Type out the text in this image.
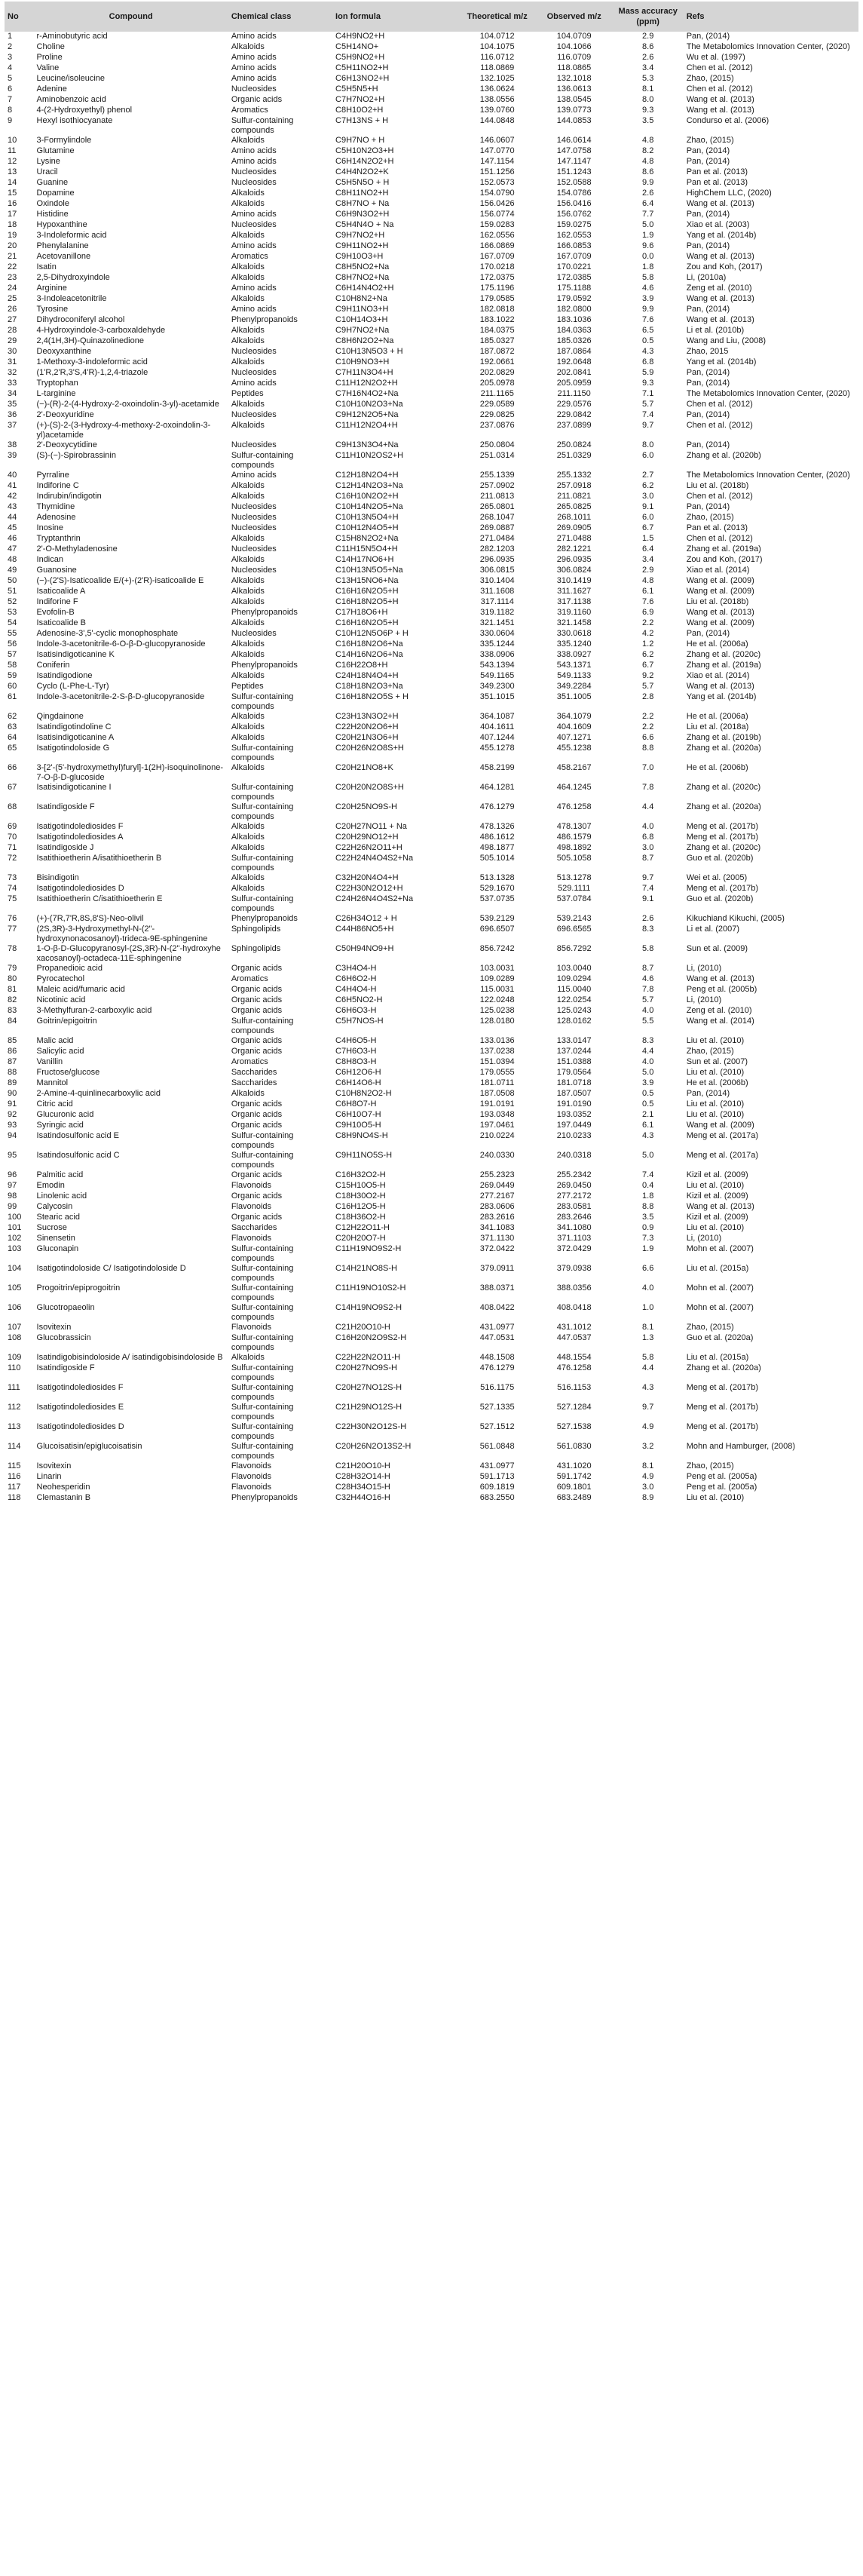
No	Compound	Chemical class	Ion formula	Theoretical m/z	Observed m/z	Mass accuracy (ppm)	Refs
1	r-Aminobutyric acid	Amino acids	C4H9NO2+H	104.0712	104.0709	2.9	Pan, (2014)
2	Choline	Alkaloids	C5H14NO+	104.1075	104.1066	8.6	The Metabolomics Innovation Center, (2020)
3	Proline	Amino acids	C5H9NO2+H	116.0712	116.0709	2.6	Wu et al. (1997)
4	Valine	Amino acids	C5H11NO2+H	118.0869	118.0865	3.4	Chen et al. (2012)
5	Leucine/isoleucine	Amino acids	C6H13NO2+H	132.1025	132.1018	5.3	Zhao, (2015)
6	Adenine	Nucleosides	C5H5N5+H	136.0624	136.0613	8.1	Chen et al. (2012)
7	Aminobenzoic acid	Organic acids	C7H7NO2+H	138.0556	138.0545	8.0	Wang et al. (2013)
8	4-(2-Hydroxyethyl) phenol	Aromatics	C8H10O2+H	139.0760	139.0773	9.3	Wang et al. (2013)
9	Hexyl isothiocyanate	Sulfur-containing compounds	C7H13NS + H	144.0848	144.0853	3.5	Condurso et al. (2006)
10	3-Formylindole	Alkaloids	C9H7NO + H	146.0607	146.0614	4.8	Zhao, (2015)
11	Glutamine	Amino acids	C5H10N2O3+H	147.0770	147.0758	8.2	Pan, (2014)
12	Lysine	Amino acids	C6H14N2O2+H	147.1154	147.1147	4.8	Pan, (2014)
13	Uracil	Nucleosides	C4H4N2O2+K	151.1256	151.1243	8.6	Pan et al. (2013)
14	Guanine	Nucleosides	C5H5N5O + H	152.0573	152.0588	9.9	Pan et al. (2013)
15	Dopamine	Alkaloids	C8H11NO2+H	154.0790	154.0786	2.6	HighChem LLC, (2020)
16	Oxindole	Alkaloids	C8H7NO + Na	156.0426	156.0416	6.4	Wang et al. (2013)
17	Histidine	Amino acids	C6H9N3O2+H	156.0774	156.0762	7.7	Pan, (2014)
18	Hypoxanthine	Nucleosides	C5H4N4O + Na	159.0283	159.0275	5.0	Xiao et al. (2003)
19	3-Indoleformic acid	Alkaloids	C9H7NO2+H	162.0556	162.0553	1.9	Yang et al. (2014b)
20	Phenylalanine	Amino acids	C9H11NO2+H	166.0869	166.0853	9.6	Pan, (2014)
21	Acetovanillone	Aromatics	C9H10O3+H	167.0709	167.0709	0.0	Wang et al. (2013)
22	Isatin	Alkaloids	C8H5NO2+Na	170.0218	170.0221	1.8	Zou and Koh, (2017)
23	2,5-Dihydroxyindole	Alkaloids	C8H7NO2+Na	172.0375	172.0385	5.8	Li, (2010a)
24	Arginine	Amino acids	C6H14N4O2+H	175.1196	175.1188	4.6	Zeng et al. (2010)
25	3-Indoleacetonitrile	Alkaloids	C10H8N2+Na	179.0585	179.0592	3.9	Wang et al. (2013)
26	Tyrosine	Amino acids	C9H11NO3+H	182.0818	182.0800	9.9	Pan, (2014)
27	Dihydroconiferyl alcohol	Phenylpropanoids	C10H14O3+H	183.1022	183.1036	7.6	Wang et al. (2013)
28	4-Hydroxyindole-3-carboxaldehyde	Alkaloids	C9H7NO2+Na	184.0375	184.0363	6.5	Li et al. (2010b)
29	2,4(1H,3H)-Quinazolinedione	Alkaloids	C8H6N2O2+Na	185.0327	185.0326	0.5	Wang and Liu, (2008)
30	Deoxyxanthine	Nucleosides	C10H13N5O3 + H	187.0872	187.0864	4.3	Zhao, 2015
31	1-Methoxy-3-indoleformic acid	Alkaloids	C10H9NO3+H	192.0661	192.0648	6.8	Yang et al. (2014b)
32	(1'R,2'R,3'S,4'R)-1,2,4-triazole	Nucleosides	C7H11N3O4+H	202.0829	202.0841	5.9	Pan, (2014)
33	Tryptophan	Amino acids	C11H12N2O2+H	205.0978	205.0959	9.3	Pan, (2014)
34	L-targinine	Peptides	C7H16N4O2+Na	211.1165	211.1150	7.1	The Metabolomics Innovation Center, (2020)
35	(−)-(R)-2-(4-Hydroxy-2-oxoindolin-3-yl)-acetamide	Alkaloids	C10H10N2O3+Na	229.0589	229.0576	5.7	Chen et al. (2012)
36	2'-Deoxyuridine	Nucleosides	C9H12N2O5+Na	229.0825	229.0842	7.4	Pan, (2014)
37	(+)-(S)-2-(3-Hydroxy-4-methoxy-2-oxoindolin-3-yl)acetamide	Alkaloids	C11H12N2O4+H	237.0876	237.0899	9.7	Chen et al. (2012)
38	2'-Deoxycytidine	Nucleosides	C9H13N3O4+Na	250.0804	250.0824	8.0	Pan, (2014)
39	(S)-(−)-Spirobrassinin	Sulfur-containing compounds	C11H10N2OS2+H	251.0314	251.0329	6.0	Zhang et al. (2020b)
40	Pyrraline	Amino acids	C12H18N2O4+H	255.1339	255.1332	2.7	The Metabolomics Innovation Center, (2020)
41	Indiforine C	Alkaloids	C12H14N2O3+Na	257.0902	257.0918	6.2	Liu et al. (2018b)
42	Indirubin/indigotin	Alkaloids	C16H10N2O2+H	211.0813	211.0821	3.0	Chen et al. (2012)
43	Thymidine	Nucleosides	C10H14N2O5+Na	265.0801	265.0825	9.1	Pan, (2014)
44	Adenosine	Nucleosides	C10H13N5O4+H	268.1047	268.1011	6.0	Zhao, (2015)
45	Inosine	Nucleosides	C10H12N4O5+H	269.0887	269.0905	6.7	Pan et al. (2013)
46	Tryptanthrin	Alkaloids	C15H8N2O2+Na	271.0484	271.0488	1.5	Chen et al. (2012)
47	2'-O-Methyladenosine	Nucleosides	C11H15N5O4+H	282.1203	282.1221	6.4	Zhang et al. (2019a)
48	Indican	Alkaloids	C14H17NO6+H	296.0935	296.0935	3.4	Zou and Koh, (2017)
49	Guanosine	Nucleosides	C10H13N5O5+Na	306.0815	306.0824	2.9	Xiao et al. (2014)
50	(−)-(2'S)-Isaticoalide E/(+)-(2'R)-isaticoalide E	Alkaloids	C13H15NO6+Na	310.1404	310.1419	4.8	Wang et al. (2009)
51	Isaticoalide A	Alkaloids	C16H16N2O5+H	311.1608	311.1627	6.1	Wang et al. (2009)
52	Indiforine F	Alkaloids	C16H18N2O5+H	317.1114	317.1138	7.6	Liu et al. (2018b)
53	Evofolin-B	Phenylpropanoids	C17H18O6+H	319.1182	319.1160	6.9	Wang et al. (2013)
54	Isaticoalide B	Alkaloids	C16H16N2O5+H	321.1451	321.1458	2.2	Wang et al. (2009)
55	Adenosine-3',5'-cyclic monophosphate	Nucleosides	C10H12N5O6P + H	330.0604	330.0618	4.2	Pan, (2014)
56	Indole-3-acetonitrile-6-O-β-D-glucopyranoside	Alkaloids	C16H18N2O6+Na	335.1244	335.1240	1.2	He et al. (2006a)
57	Isatisindigoticanine K	Alkaloids	C14H16N2O6+Na	338.0906	338.0927	6.2	Zhang et al. (2020c)
58	Coniferin	Phenylpropanoids	C16H22O8+H	543.1394	543.1371	6.7	Zhang et al. (2019a)
59	Isatindigodione	Alkaloids	C24H18N4O4+H	549.1165	549.1133	9.2	Xiao et al. (2014)
60	Cyclo (L-Phe-L-Tyr)	Peptides	C18H18N2O3+Na	349.2300	349.2284	5.7	Wang et al. (2013)
61	Indole-3-acetonitrile-2-S-β-D-glucopyranoside	Sulfur-containing compounds	C16H18N2O5S + H	351.1015	351.1005	2.8	Yang et al. (2014b)
62	Qingdainone	Alkaloids	C23H13N3O2+H	364.1087	364.1079	2.2	He et al. (2006a)
63	Isatindigotindoline C	Alkaloids	C22H20N2O6+H	404.1611	404.1609	2.2	Liu et al. (2018a)
64	Isatisindigoticanine A	Alkaloids	C20H21N3O6+H	407.1244	407.1271	6.6	Zhang et al. (2019b)
65	Isatigotindoloside G	Sulfur-containing compounds	C20H26N2O8S+H	455.1278	455.1238	8.8	Zhang et al. (2020a)
66	3-[2'-(5'-hydroxymethyl)furyl]-1(2H)-isoquinolinone-7-O-β-D-glucoside	Alkaloids	C20H21NO8+K	458.2199	458.2167	7.0	He et al. (2006b)
67	Isatisindigoticanine I	Sulfur-containing compounds	C20H20N2O8S+H	464.1281	464.1245	7.8	Zhang et al. (2020c)
68	Isatindigoside F	Sulfur-containing compounds	C20H25NO9S-H	476.1279	476.1258	4.4	Zhang et al. (2020a)
69	Isatigotindolediosides F	Alkaloids	C20H27NO11 + Na	478.1326	478.1307	4.0	Meng et al. (2017b)
70	Isatigotindolediosides A	Alkaloids	C20H29NO12+H	486.1612	486.1579	6.8	Meng et al. (2017b)
71	Isatindigoside J	Alkaloids	C22H26N2O11+H	498.1877	498.1892	3.0	Zhang et al. (2020c)
72	Isatithioetherin A/isatithioetherin B	Sulfur-containing compounds	C22H24N4O4S2+Na	505.1014	505.1058	8.7	Guo et al. (2020b)
73	Bisindigotin	Alkaloids	C32H20N4O4+H	513.1328	513.1278	9.7	Wei et al. (2005)
74	Isatigotindolediosides D	Alkaloids	C22H30N2O12+H	529.1670	529.1111	7.4	Meng et al. (2017b)
75	Isatithioetherin C/isatithioetherin E	Sulfur-containing compounds	C24H26N4O4S2+Na	537.0735	537.0784	9.1	Guo et al. (2020b)
76	(+)-(7R,7'R,8S,8'S)-Neo-olivil	Phenylpropanoids	C26H34O12 + H	539.2129	539.2143	2.6	Kikuchiand Kikuchi, (2005)
77	(2S,3R)-3-Hydroxymethyl-N-(2"-hydroxynonacosanoyl)-tridecа-9E-sphingenine	Sphingolipids	C44H86NO5+H	696.6507	696.6565	8.3	Li et al. (2007)
78	1-O-β-D-Glucopyranosyl-(2S,3R)-N-(2"-hydroxyhe xacosanoyl)-octadeca-11E-sphingenine	Sphingolipids	C50H94NO9+H	856.7242	856.7292	5.8	Sun et al. (2009)
79	Propanedioic acid	Organic acids	C3H4O4-H	103.0031	103.0040	8.7	Li, (2010)
80	Pyrocatechol	Aromatics	C6H6O2-H	109.0289	109.0294	4.6	Wang et al. (2013)
81	Maleic acid/fumaric acid	Organic acids	C4H4O4-H	115.0031	115.0040	7.8	Peng et al. (2005b)
82	Nicotinic acid	Organic acids	C6H5NO2-H	122.0248	122.0254	5.7	Li, (2010)
83	3-Methylfuran-2-carboxylic acid	Organic acids	C6H6O3-H	125.0238	125.0243	4.0	Zeng et al. (2010)
84	Goitrin/epigoitrin	Sulfur-containing compounds	C5H7NOS-H	128.0180	128.0162	5.5	Wang et al. (2014)
85	Malic acid	Organic acids	C4H6O5-H	133.0136	133.0147	8.3	Liu et al. (2010)
86	Salicylic acid	Organic acids	C7H6O3-H	137.0238	137.0244	4.4	Zhao, (2015)
87	Vanillin	Aromatics	C8H8O3-H	151.0394	151.0388	4.0	Sun et al. (2007)
88	Fructose/glucose	Saccharides	C6H12O6-H	179.0555	179.0564	5.0	Liu et al. (2010)
89	Mannitol	Saccharides	C6H14O6-H	181.0711	181.0718	3.9	He et al. (2006b)
90	2-Amine-4-quinlinecarboxylic acid	Alkaloids	C10H8N2O2-H	187.0508	187.0507	0.5	Pan, (2014)
91	Citric acid	Organic acids	C6H8O7-H	191.0191	191.0190	0.5	Liu et al. (2010)
92	Glucuronic acid	Organic acids	C6H10O7-H	193.0348	193.0352	2.1	Liu et al. (2010)
93	Syringic acid	Organic acids	C9H10O5-H	197.0461	197.0449	6.1	Wang et al. (2009)
94	Isatindosulfonic acid E	Sulfur-containing compounds	C8H9NO4S-H	210.0224	210.0233	4.3	Meng et al. (2017a)
95	Isatindosulfonic acid C	Sulfur-containing compounds	C9H11NO5S-H	240.0330	240.0318	5.0	Meng et al. (2017a)
96	Palmitic acid	Organic acids	C16H32O2-H	255.2323	255.2342	7.4	Kizil et al. (2009)
97	Emodin	Flavonoids	C15H10O5-H	269.0449	269.0450	0.4	Liu et al. (2010)
98	Linolenic acid	Organic acids	C18H30O2-H	277.2167	277.2172	1.8	Kizil et al. (2009)
99	Calycosin	Flavonoids	C16H12O5-H	283.0606	283.0581	8.8	Wang et al. (2013)
100	Stearic acid	Organic acids	C18H36O2-H	283.2616	283.2646	3.5	Kizil et al. (2009)
101	Sucrose	Saccharides	C12H22O11-H	341.1083	341.1080	0.9	Liu et al. (2010)
102	Sinensetin	Flavonoids	C20H20O7-H	371.1130	371.1103	7.3	Li, (2010)
103	Gluconapin	Sulfur-containing compounds	C11H19NO9S2-H	372.0422	372.0429	1.9	Mohn et al. (2007)
104	Isatigotindoloside C/ Isatigotindoloside D	Sulfur-containing compounds	C14H21NO8S-H	379.0911	379.0938	6.6	Liu et al. (2015a)
105	Progoitrin/epiprogoitrin	Sulfur-containing compounds	C11H19NO10S2-H	388.0371	388.0356	4.0	Mohn et al. (2007)
106	Glucotropaeolin	Sulfur-containing compounds	C14H19NO9S2-H	408.0422	408.0418	1.0	Mohn et al. (2007)
107	Isovitexin	Flavonoids	C21H20O10-H	431.0977	431.1012	8.1	Zhao, (2015)
108	Glucobrassicin	Sulfur-containing compounds	C16H20N2O9S2-H	447.0531	447.0537	1.3	Guo et al. (2020a)
109	Isatindigobisindoloside A/ isatindigobisindoloside B	Alkaloids	C22H22N2O11-H	448.1508	448.1554	5.8	Liu et al. (2015a)
110	Isatindigoside F	Sulfur-containing compounds	C20H27NO9S-H	476.1279	476.1258	4.4	Zhang et al. (2020a)
111	Isatigotindolediosides F	Sulfur-containing compounds	C20H27NO12S-H	516.1175	516.1153	4.3	Meng et al. (2017b)
112	Isatigotindolediosides E	Sulfur-containing compounds	C21H29NO12S-H	527.1335	527.1284	9.7	Meng et al. (2017b)
113	Isatigotindolediosides D	Sulfur-containing compounds	C22H30N2O12S-H	527.1512	527.1538	4.9	Meng et al. (2017b)
114	Glucoisatisin/epiglucoisatisin	Sulfur-containing compounds	C20H26N2O13S2-H	561.0848	561.0830	3.2	Mohn and Hamburger, (2008)
115	Isovitexin	Flavonoids	C21H20O10-H	431.0977	431.1020	8.1	Zhao, (2015)
116	Linarin	Flavonoids	C28H32O14-H	591.1713	591.1742	4.9	Peng et al. (2005a)
117	Neohesperidin	Flavonoids	C28H34O15-H	609.1819	609.1801	3.0	Peng et al. (2005a)
118	Clemastanin B	Phenylpropanoids	C32H44O16-H	683.2550	683.2489	8.9	Liu et al. (2010)
